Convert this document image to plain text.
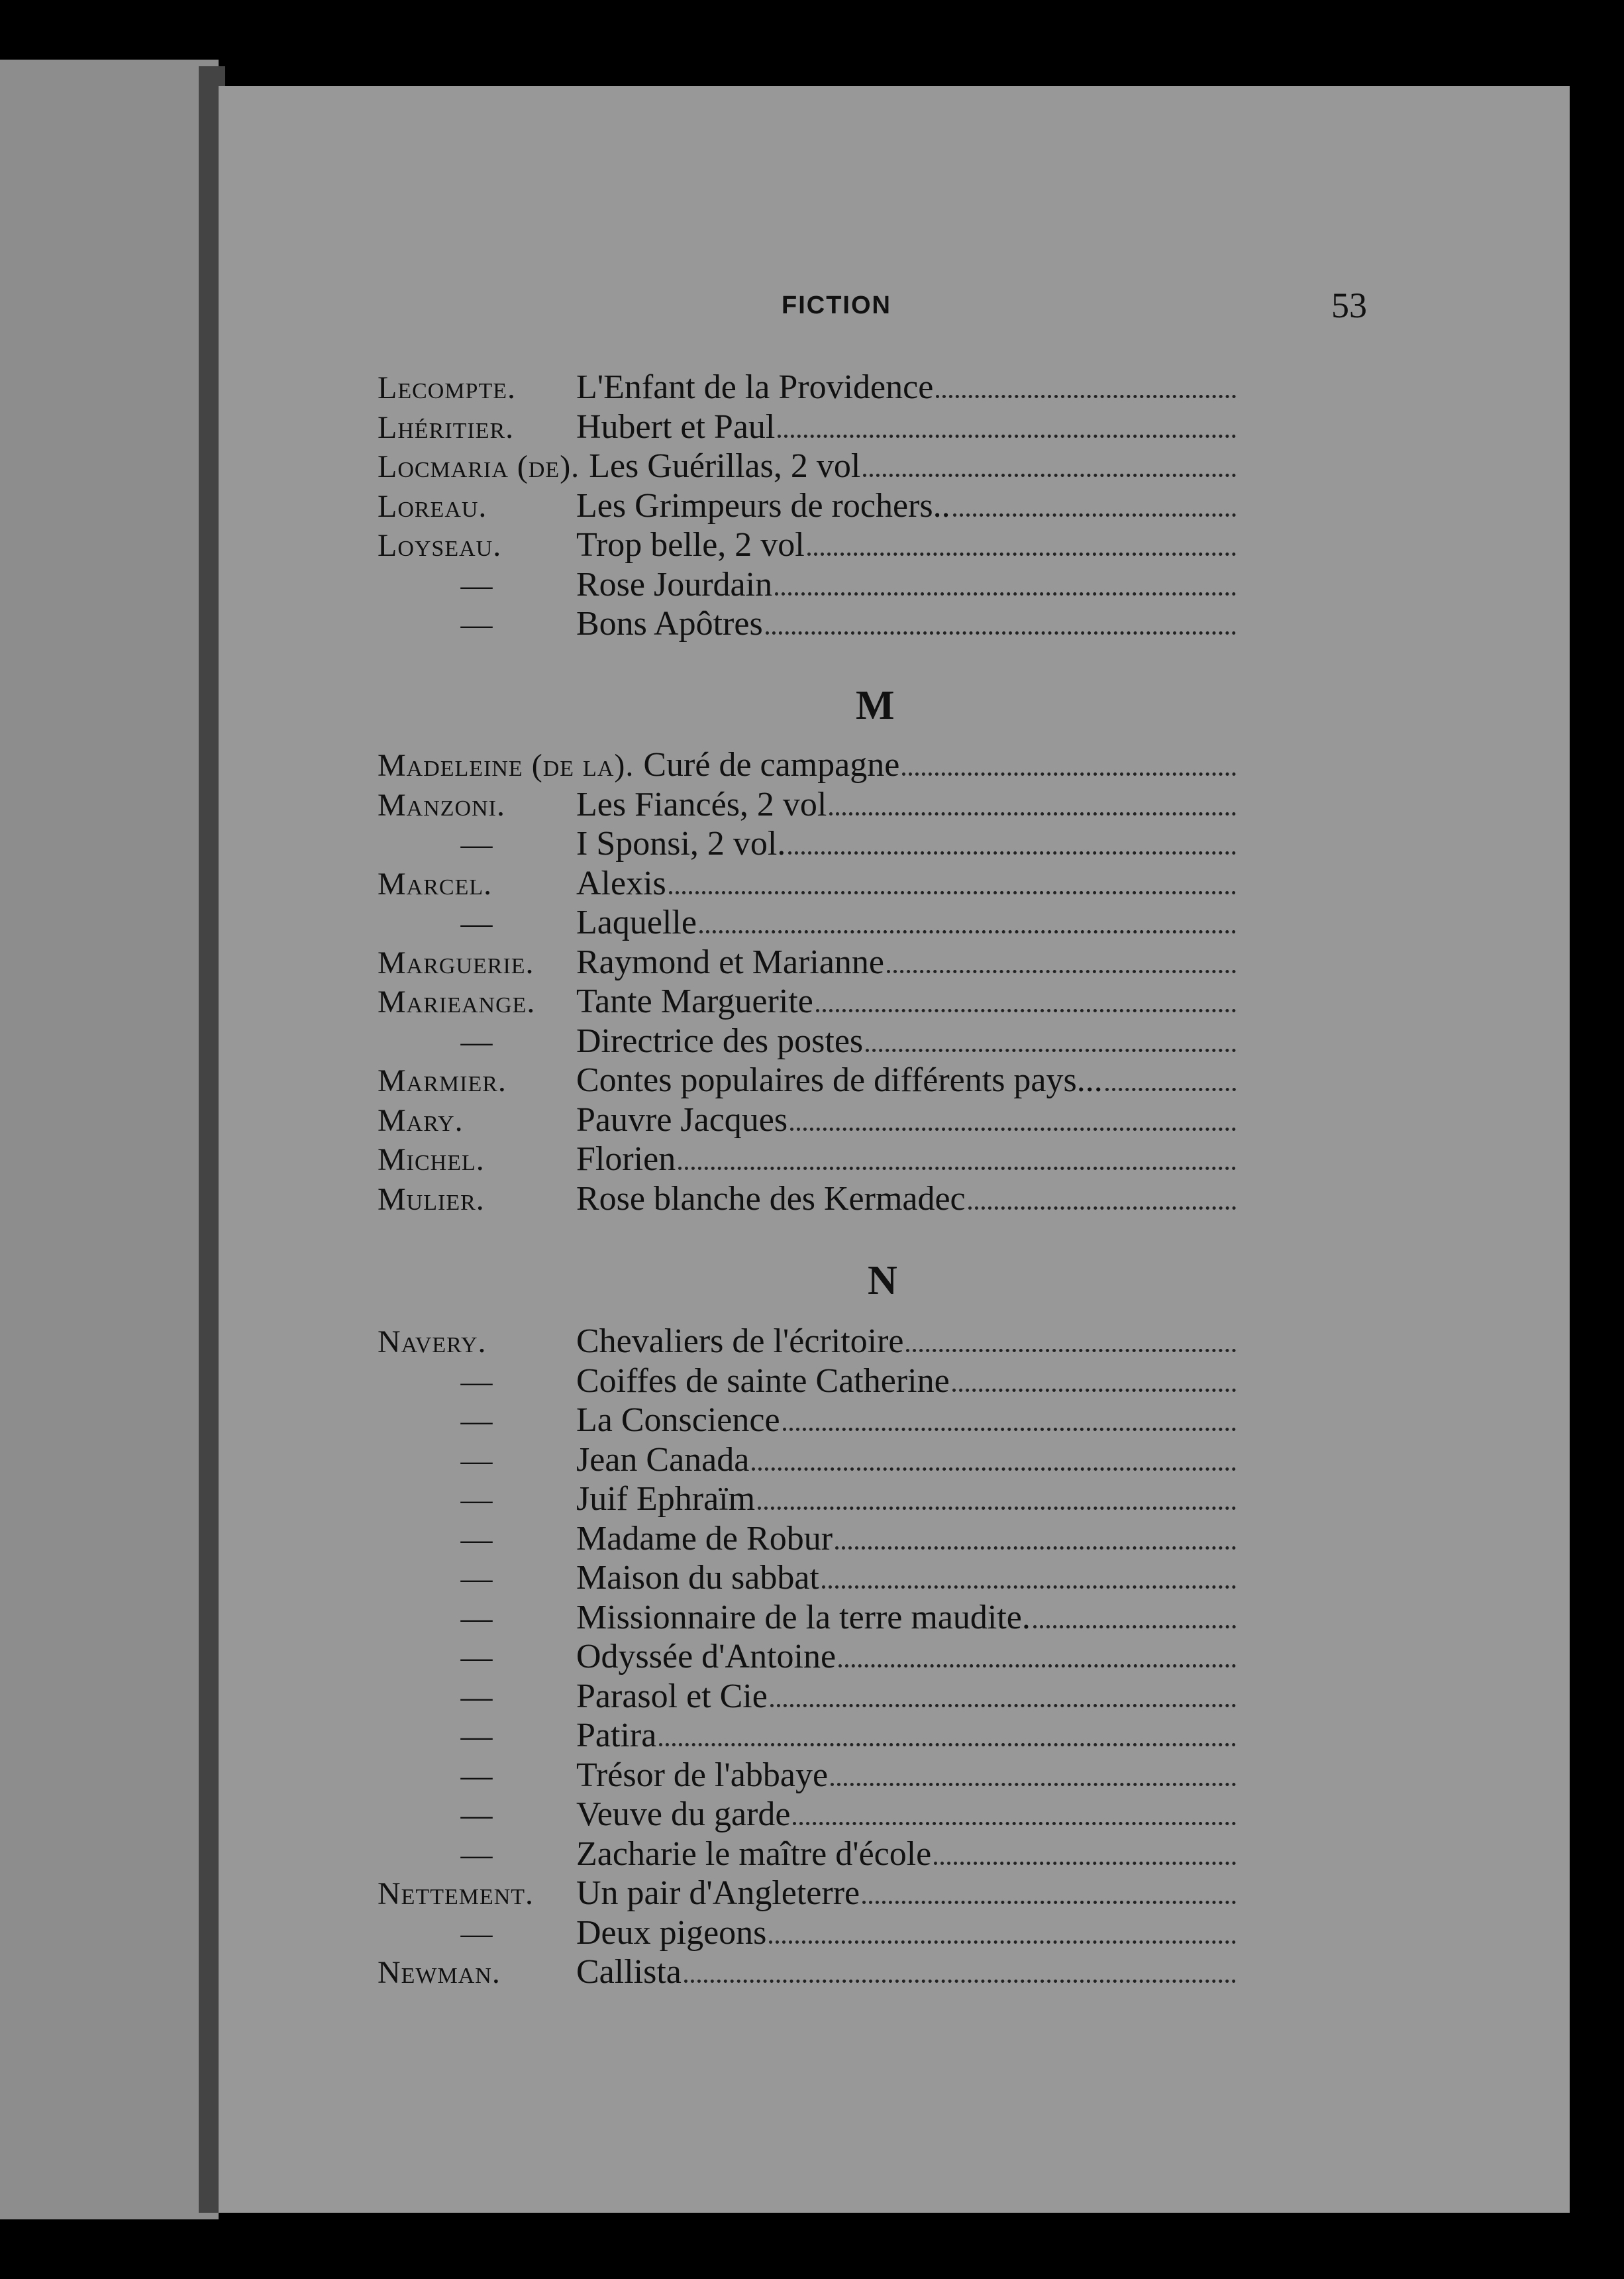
FICTION	53
Lecompte.	L'Enfant de la Providence
Lhéritier.	Hubert et Paul
Locmaria (de). Les Guérillas, 2 vol
Loreau.	Les Grimpeurs de rochers..
Loyseau.	Trop belle, 2 vol
—	Rose Jourdain
—	Bons Apôtres
M
Madeleine (de la). Curé de campagne
Manzoni.	Les Fiancés, 2 vol
—	I Sponsi, 2 vol.
Marcel.	Alexis
—	Laquelle
Marguerie.	Raymond et Marianne
Marieange.	Tante Marguerite
—	Directrice des postes
Marmier.	Contes populaires de différents pays...
Mary.	Pauvre Jacques
Michel.	Florien
Mulier.	Rose blanche des Kermadec
N
Navery.	Chevaliers de l'écritoire
—	Coiffes de sainte Catherine
—	La Conscience
—	Jean Canada
—	Juif Ephraïm
—	Madame de Robur
—	Maison du sabbat
—	Missionnaire de la terre maudite.
—	Odyssée d'Antoine
—	Parasol et Cie
—	Patira
—	Trésor de l'abbaye
—	Veuve du garde
—	Zacharie le maître d'école
Nettement.	Un pair d'Angleterre
—	Deux pigeons
Newman.	Callista
